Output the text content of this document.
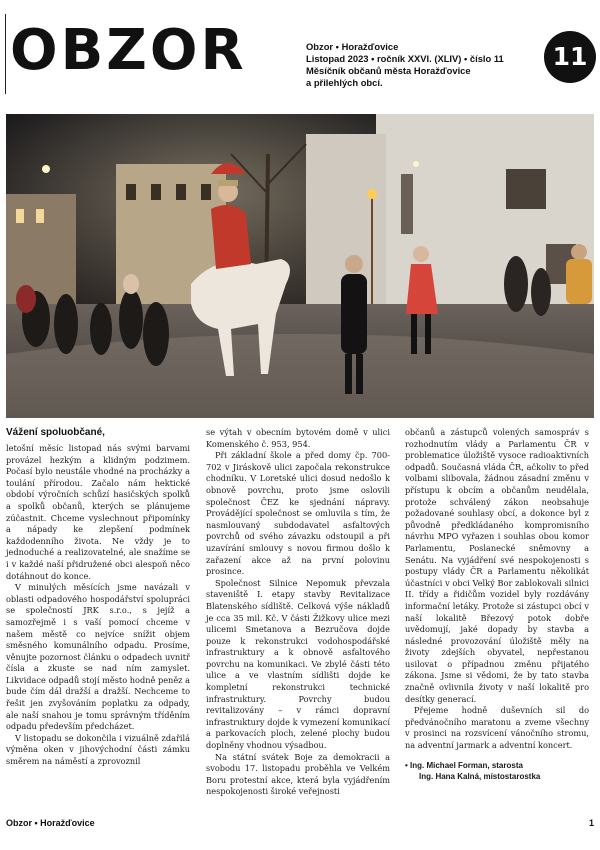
OBZOR	Obzor • Horažďovice
Listopad 2023 • ročník XXVI. (XLIV) • číslo 11
Měsíčník občanů města Horažďovice
a přilehlých obcí.
11
Vážení spoluobčané,

letošní měsíc listopad nás svými barvami provázel hezkým a klidným podzimem. Počasí bylo neustále vhodné na procházky a toulání přírodou. Začalo nám hektické období výročních schůzí hasičských spolků a spolků občanů, kterých se plánujeme zúčastnit. Chceme vyslechnout připomínky a nápady ke zlepšení podmínek každodenního života. Ne vždy je to jednoduché a realizovatelné, ale snažíme se i v každé naší přidružené obci alespoň něco dotáhnout do konce.

V minulých měsících jsme navázali v oblasti odpadového hospodářství spolupráci se společností JRK s.r.o., s jejíž a samozřejmě i s vaší pomocí chceme v našem městě co nejvíce snížit objem směsného komunálního odpadu. Prosíme, věnujte pozornost článku o odpadech uvnitř čísla a zkuste se nad ním zamyslet. Likvidace odpadů stojí město hodně peněz a bude čím dál dražší a dražší. Nechceme to řešit jen zvyšováním poplatku za odpady, ale naší snahou je tomu správným tříděním odpadu především předcházet.

V listopadu se dokončila i vizuálně zdařilá výměna oken v jihovýchodní části zámku směrem na náměstí a zprovoznil

se výtah v obecním bytovém domě v ulici Komenského č. 953, 954.

Při základní škole a před domy čp. 700-702 v Jiráskově ulici započala rekonstrukce chodníku. V Loretské ulici dosud nedošlo k obnově povrchu, proto jsme oslovili společnost ČEZ ke sjednání nápravy. Provádějící společnost se omluvila s tím, že nasmlouvaný subdodavatel asfaltových povrchů od svého závazku odstoupil a při uzavírání smlouvy s novou firmou došlo k zařazení akce až na první polovinu prosince.

Společnost Silnice Nepomuk převzala staveniště I. etapy stavby Revitalizace Blatenského sídliště. Celková výše nákladů je cca 35 mil. Kč. V části Žižkovy ulice mezi ulicemi Smetanova a Bezručova dojde pouze k rekonstrukci vodohospodářské infrastruktury a k obnově asfaltového povrchu na komunikaci. Ve zbylé části této ulice a ve vlastním sídlišti dojde ke kompletní rekonstrukci technické infrastruktury. Povrchy budou revitalizovány – v rámci dopravní infrastruktury dojde k vymezení komunikací a parkovacích ploch, zelené plochy budou doplněny vhodnou výsadbou.

Na státní svátek Boje za demokracii a svobodu 17. listopadu proběhla ve Velkém Boru protestní akce, která byla vyjádřením nespokojenosti široké veřejnosti

občanů a zástupců volených samospráv s rozhodnutím vlády a Parlamentu ČR v problematice úložiště vysoce radioaktivních odpadů. Současná vláda ČR, ačkoliv to před volbami slibovala, žádnou zásadní změnu v přístupu k obcím a občanům neudělala, protože schválený zákon neobsahuje požadované souhlasy obcí, a dokonce byl z původně předkládaného kompromisního návrhu MPO vyřazen i souhlas obou komor Parlamentu, Poslanecké sněmovny a Senátu. Na vyjádření své nespokojenosti s postupy vlády ČR a Parlamentu několikát účastníci v obci Velký Bor zablokovali silnici II. třídy a řidičům vozidel byly rozdávány informační letáky. Protože si zástupci obcí v naší lokalitě Březový potok dobře uvědomují, jaké dopady by stavba a následné provozování úložiště měly na životy zdejších obyvatel, nepřestanou usilovat o případnou změnu přijatého zákona. Jsme si vědomi, že by tato stavba značně ovlivnila životy v naší lokalitě pro desítky generací.

Přejeme hodně duševních sil do předvánočního maratonu a zveme všechny v prosinci na rozsvícení vánočního stromu, na adventní jarmark a adventní koncert.

• Ing. Michael Forman, starosta
Ing. Hana Kalná, místostarostka
Obzor • Horažďovice	1
